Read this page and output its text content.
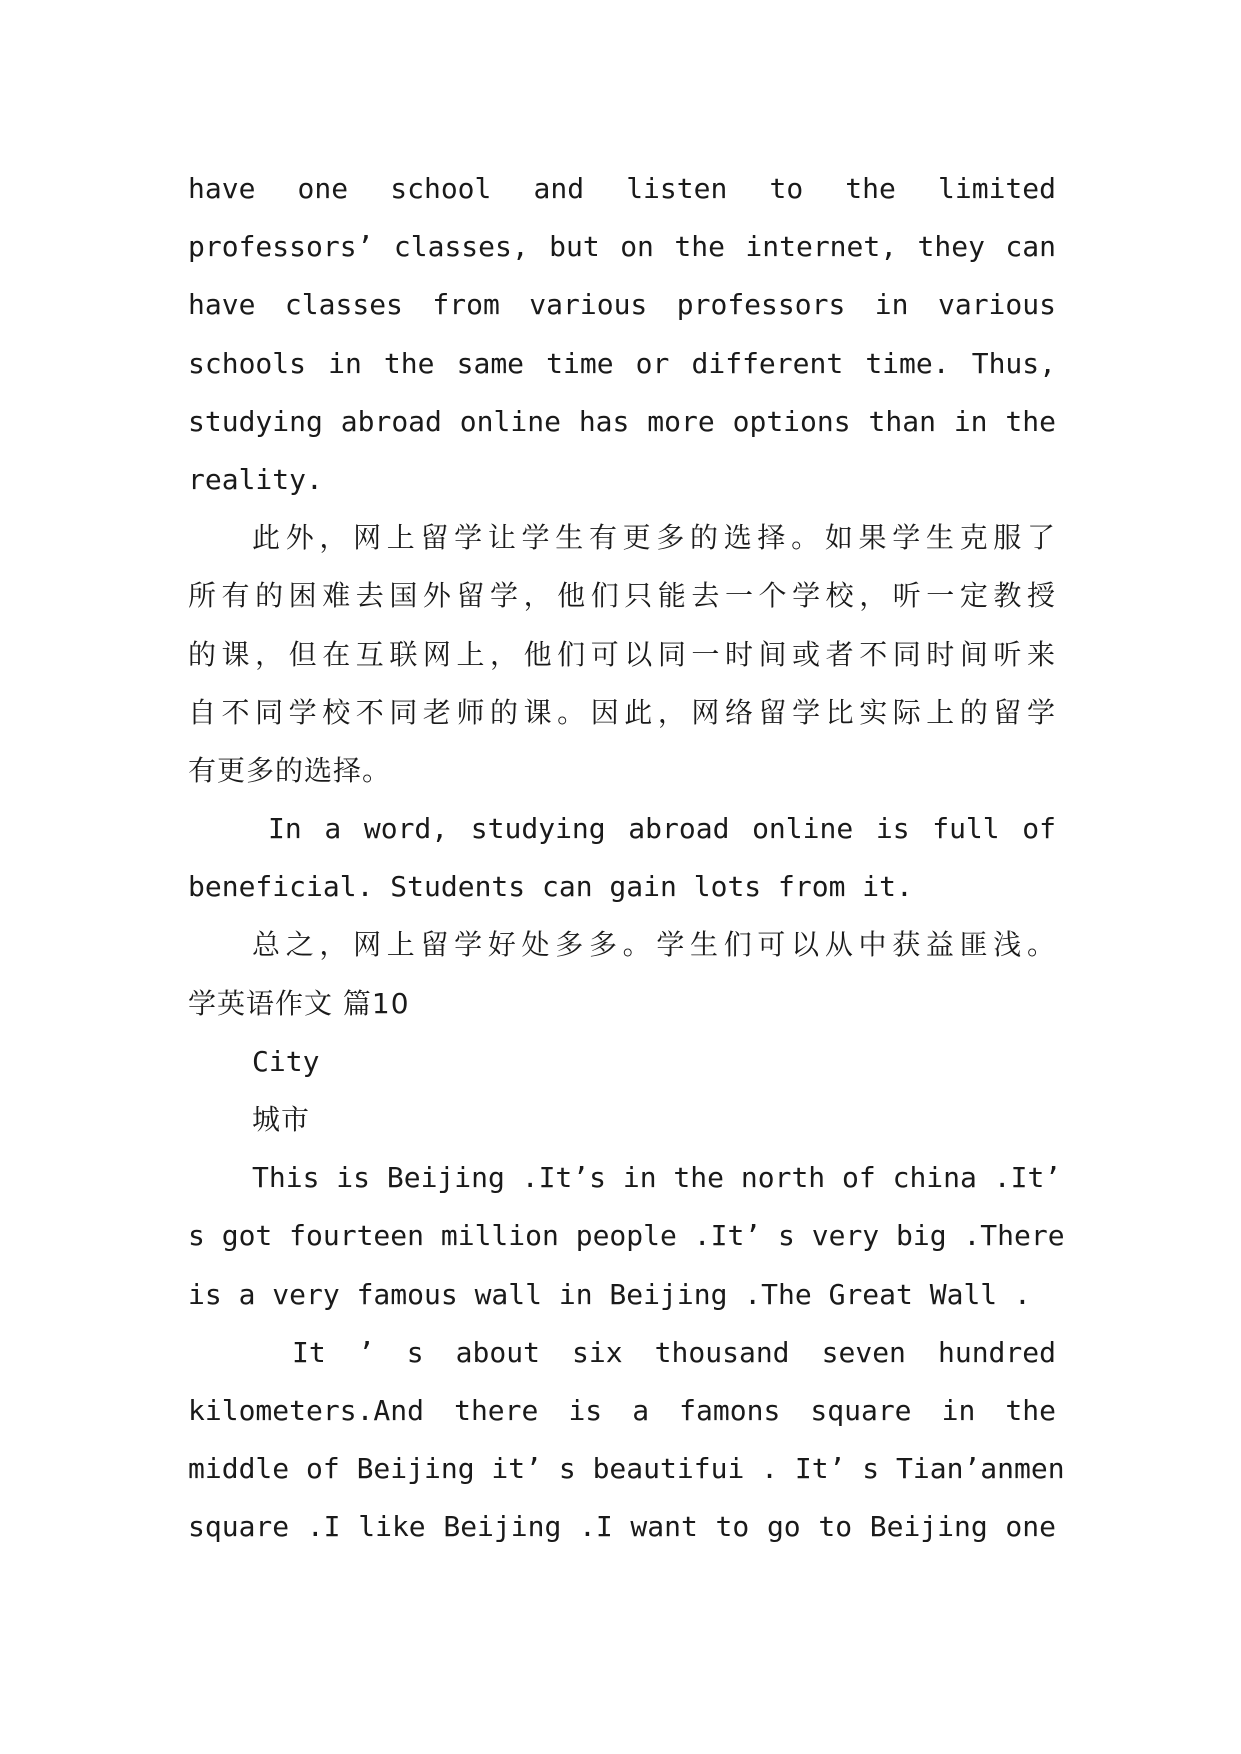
have one school and listen to the limited
professors’ classes, but on the internet, they can
have classes from various professors in various
schools in the same time or different time. Thus,
studying abroad online has more options than in the
reality.
此外，网上留学让学生有更多的选择。如果学生克服了
所有的困难去国外留学，他们只能去一个学校，听一定教授
的课，但在互联网上，他们可以同一时间或者不同时间听来
自不同学校不同老师的课。因此，网络留学比实际上的留学
有更多的选择。
In a word, studying abroad online is full of
beneficial. Students can gain lots from it.
总之，网上留学好处多多。学生们可以从中获益匪浅。
学英语作文 篇10
City
城市
This is Beijing .It’s in the north of china .It’
s got fourteen million people .It’ s very big .There
is a very famous wall in Beijing .The Great Wall .
It ’ s about six thousand seven hundred
kilometers.And there is a famons square in the
middle of Beijing it’ s beautifui . It’ s Tian’anmen
square .I like Beijing .I want to go to Beijing one
